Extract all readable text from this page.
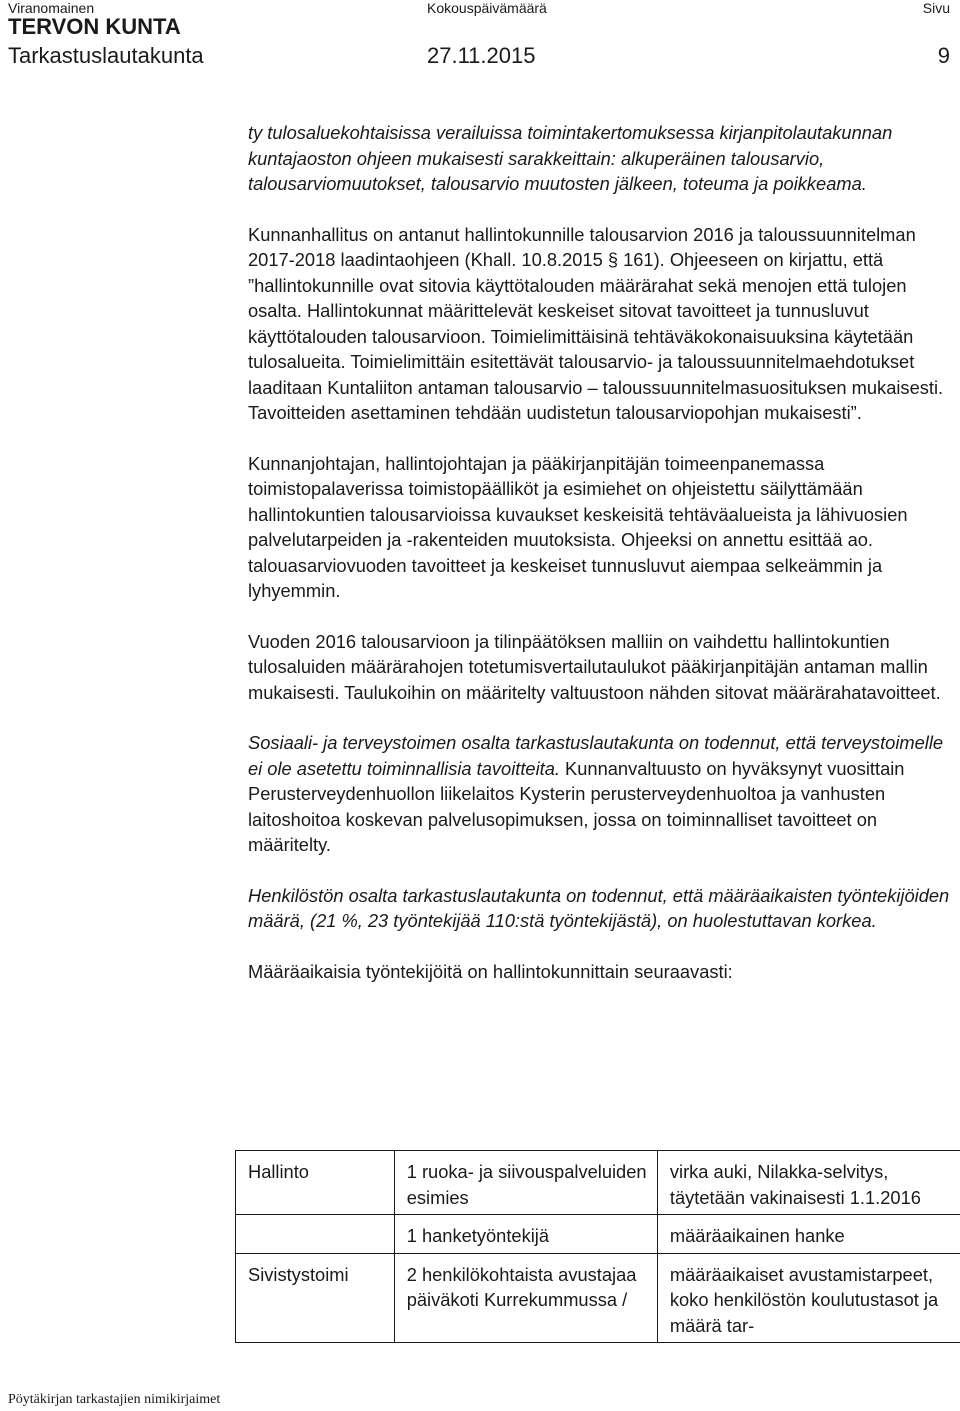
Viranomainen	Kokouspäivämäärä	Sivu
TERVON KUNTA
Tarkastuslautakunta	27.11.2015	9

ty tulosaluekohtaisissa verailuissa toimintakertomuksessa kirjanpitolautakunnan kuntajaoston ohjeen mukaisesti sarakkeittain: alkuperäinen talousarvio, talousarviomuutokset, talousarvio muutosten jälkeen, toteuma ja poikkeama.

Kunnanhallitus on antanut hallintokunnille talousarvion 2016 ja taloussuunnitelman 2017-2018 laadintaohjeen (Khall. 10.8.2015 § 161). Ohjeeseen on kirjattu, että ”hallintokunnille ovat sitovia käyttötalouden määrärahat sekä menojen että tulojen osalta. Hallintokunnat määrittelevät keskeiset sitovat tavoitteet ja tunnusluvut käyttötalouden talousarvioon. Toimielimittäisinä tehtäväkokonaisuuksina käytetään tulosalueita. Toimielimittäin esitettävät talousarvio- ja taloussuunnitelmaehdotukset laaditaan Kuntaliiton antaman talousarvio – taloussuunnitelmasuosituksen mukaisesti. Tavoitteiden asettaminen tehdään uudistetun talousarviopohjan mukaisesti”.

Kunnanjohtajan, hallintojohtajan ja pääkirjanpitäjän toimeenpanemassa toimistopalaverissa toimistopäälliköt ja esimiehet on ohjeistettu säilyttämään hallintokuntien talousarvioissa kuvaukset keskeisitä tehtäväalueista ja lähivuosien palvelutarpeiden ja -rakenteiden muutoksista. Ohjeeksi on annettu esittää ao. talouasarviovuoden tavoitteet ja keskeiset tunnusluvut aiempaa selkeämmin ja lyhyemmin.

Vuoden 2016 talousarvioon ja tilinpäätöksen malliin on vaihdettu hallintokuntien tulosaluiden määrärahojen totetumisvertailutaulukot pääkirjanpitäjän antaman mallin mukaisesti. Taulukoihin on määritelty valtuustoon nähden sitovat määrärahatavoitteet.

Sosiaali- ja terveystoimen osalta tarkastuslautakunta on todennut, että terveystoimelle ei ole asetettu toiminnallisia tavoitteita. Kunnanvaltuusto on hyväksynyt vuosittain Perusterveydenhuollon liikelaitos Kysterin perusterveydenhuoltoa ja vanhusten laitoshoitoa koskevan palvelusopimuksen, jossa on toiminnalliset tavoitteet on määritelty.

Henkilöstön osalta tarkastuslautakunta on todennut, että määräaikaisten työntekijöiden määrä, (21 %, 23 työntekijää 110:stä työntekijästä), on huolestuttavan korkea.

Määräaikaisia työntekijöitä on hallintokunnittain seuraavasti:

Hallinto	1 ruoka- ja siivouspalveluiden esimies	virka auki, Nilakka-selvitys, täytetään vakinaisesti 1.1.2016
	1 hanketyöntekijä	määräaikainen hanke
Sivistystoimi	2 henkilökohtaista avustajaa päiväkoti Kurrekummussa /	määräaikaiset avustamistarpeet, koko henkilöstön koulutustasot ja määrä tar-
Pöytäkirjan tarkastajien nimikirjaimet
